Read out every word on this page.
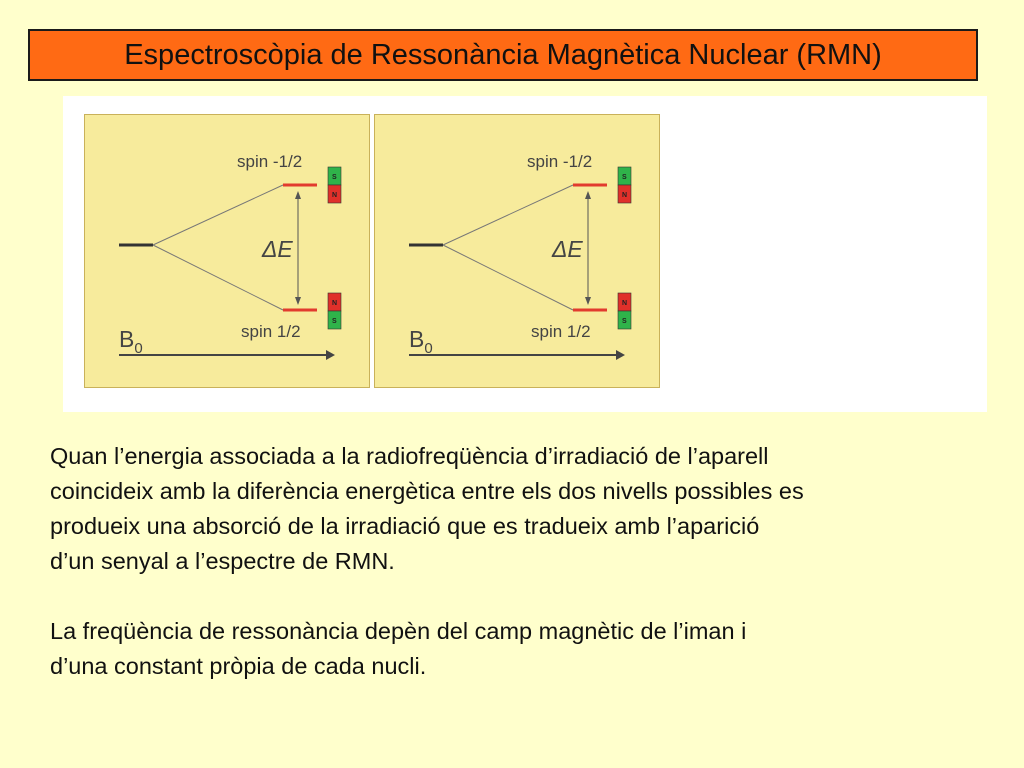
Espectroscòpia de Ressonància Magnètica Nuclear (RMN)
spin -1/2
spin 1/2
ΔE
S
N
N
S
$B_0$
spin -1/2
spin 1/2
ΔE
S
N
N
S
$B_0$

Quan l’energia associada a la radiofreqüència d’irradiació de l’aparell
coincideix amb la diferència energètica entre els dos nivells possibles es
produeix una absorció de la irradiació que es tradueix amb l’aparició
d’un senyal a l’espectre de RMN.

La freqüència de ressonància depèn del camp magnètic de l’iman i
d’una constant pròpia de cada nucli.
